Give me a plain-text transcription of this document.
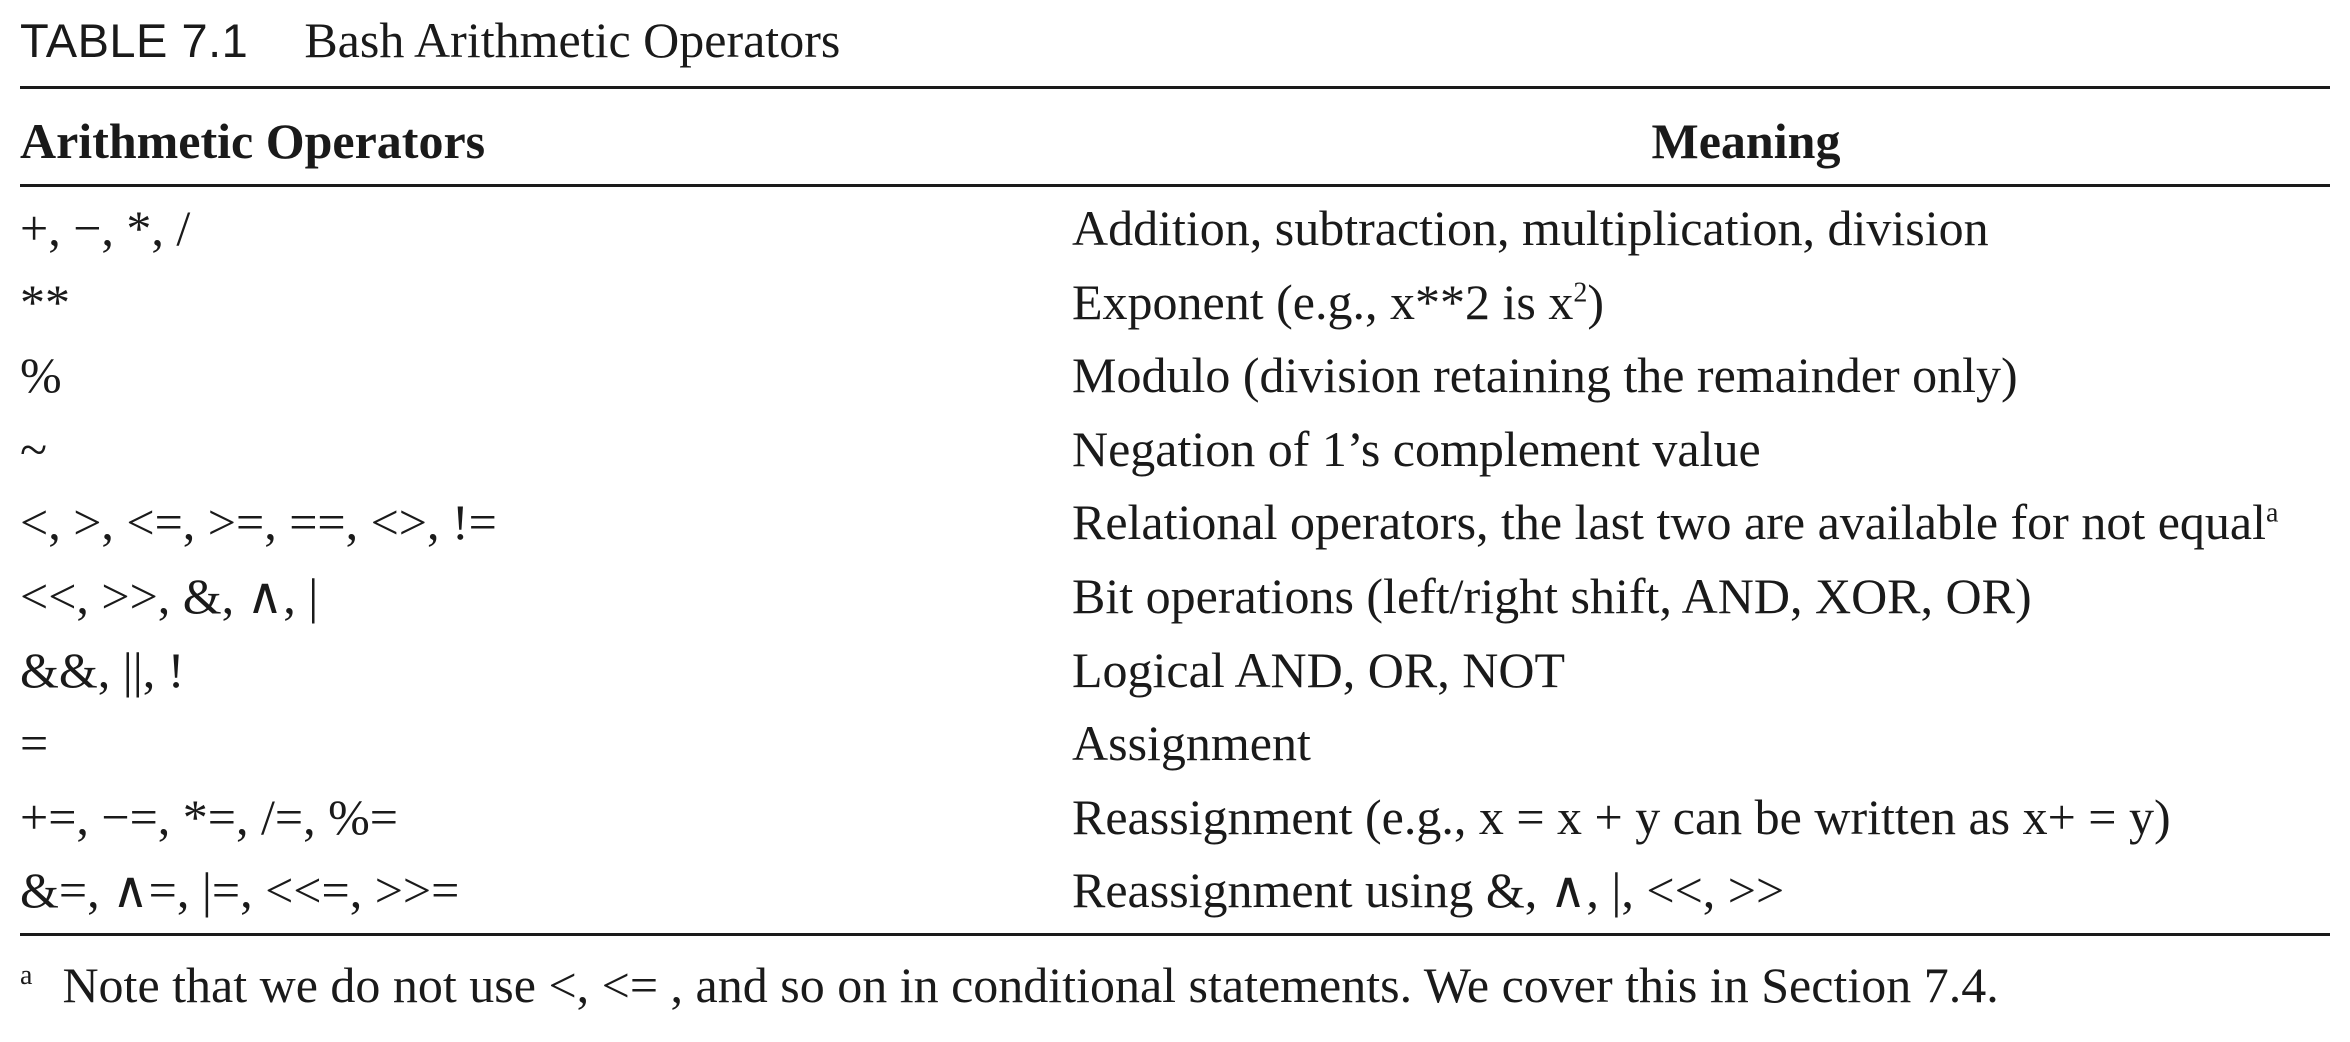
TABLE 7.1 Bash Arithmetic Operators
Arithmetic Operators	Meaning
+, −, *, /	Addition, subtraction, multiplication, division
**	Exponent (e.g., x**2 is $x^2$)
%	Modulo (division retaining the remainder only)
~	Negation of 1’s complement value
<, >, <=, >=, ==, <>, !=	Relational operators, the last two are available for not equal$^a$
<<, >>, &, ∧, |	Bit operations (left/right shift, AND, XOR, OR)
&&, ||, !	Logical AND, OR, NOT
=	Assignment
+=, −=, *=, /=, %=	Reassignment (e.g., x = x + y can be written as x+ = y)
&=, ∧=, |=, <<=, >>=	Reassignment using &, ∧, |, <<, >>
a Note that we do not use <, <= , and so on in conditional statements. We cover this in Section 7.4.
